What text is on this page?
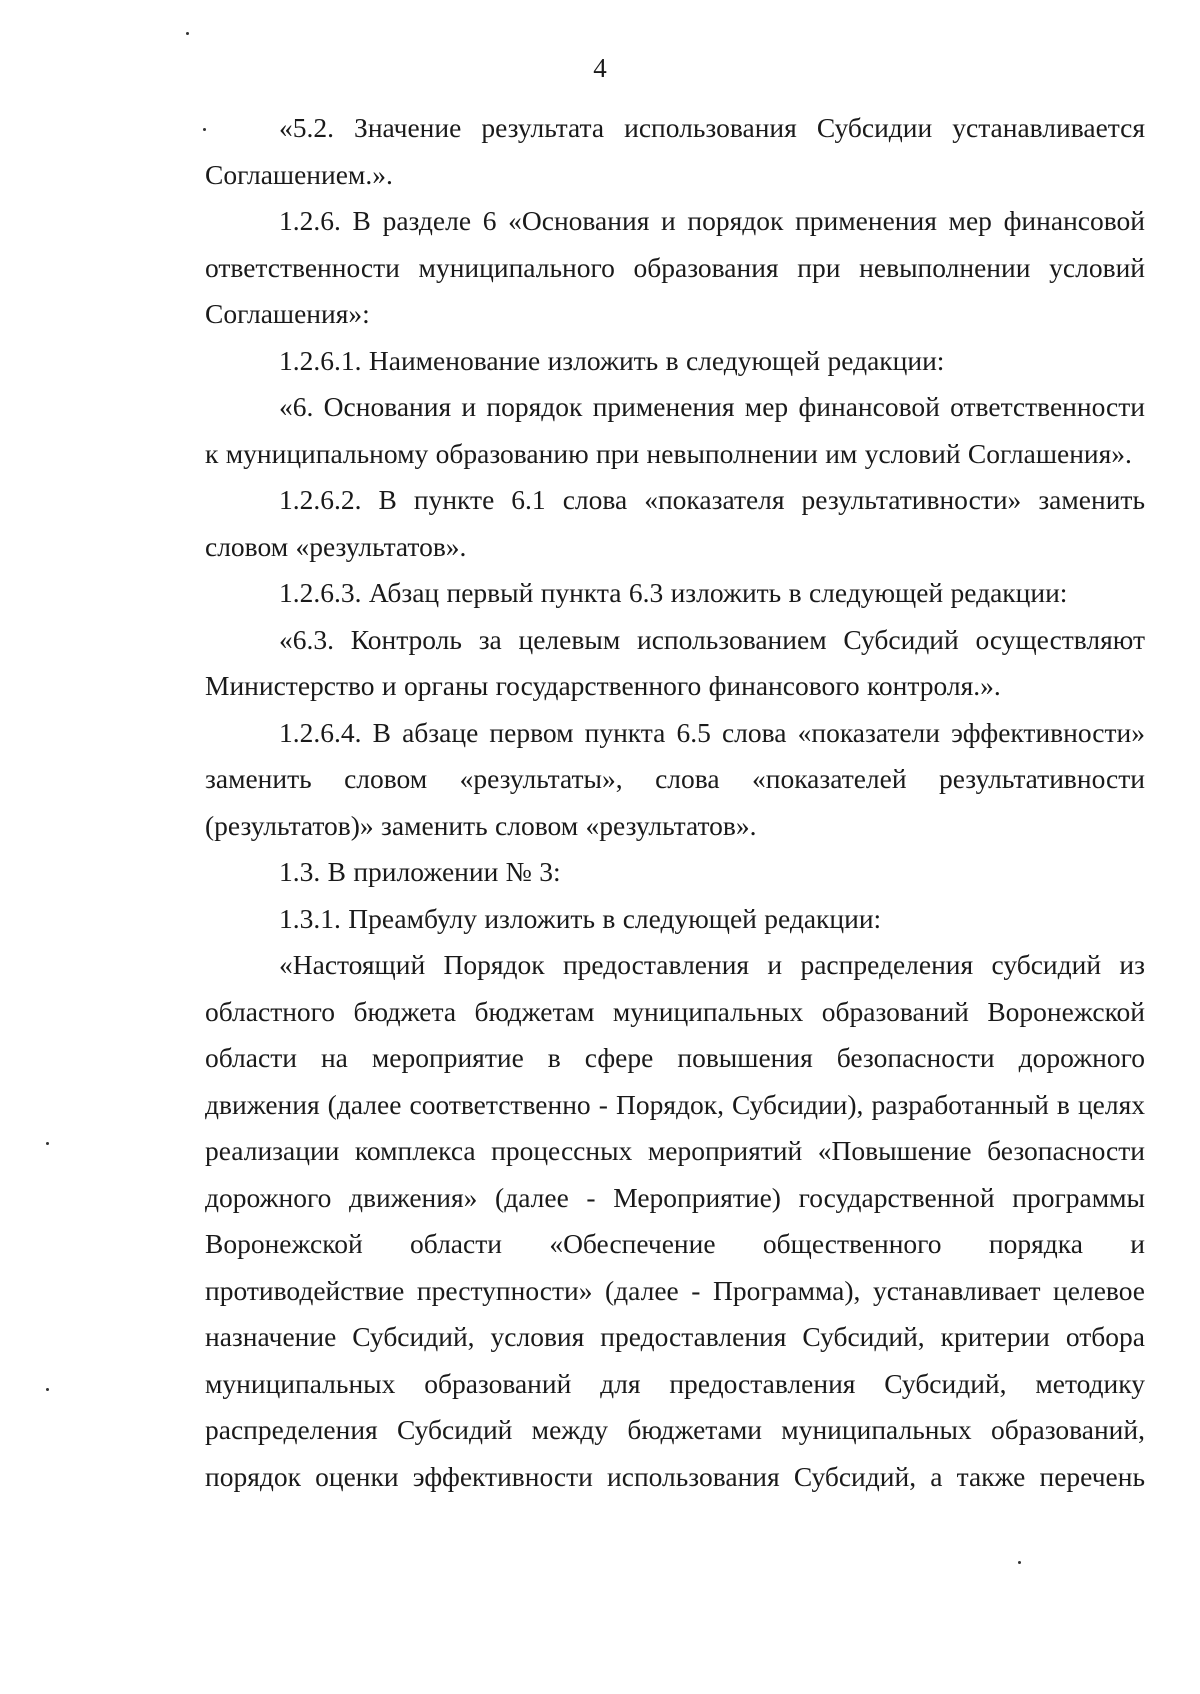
4

«5.2. Значение результата использования Субсидии устанавливается Соглашением.».

1.2.6. В разделе 6 «Основания и порядок применения мер финансовой ответственности муниципального образования при невыполнении условий Соглашения»:

1.2.6.1. Наименование изложить в следующей редакции:

«6. Основания и порядок применения мер финансовой ответственности к муниципальному образованию при невыполнении им условий Соглашения».

1.2.6.2. В пункте 6.1 слова «показателя результативности» заменить словом «результатов».

1.2.6.3. Абзац первый пункта 6.3 изложить в следующей редакции:

«6.3. Контроль за целевым использованием Субсидий осуществляют Министерство и органы государственного финансового контроля.».

1.2.6.4. В абзаце первом пункта 6.5 слова «показатели эффективности» заменить словом «результаты», слова «показателей результативности (результатов)» заменить словом «результатов».

1.3. В приложении № 3:

1.3.1. Преамбулу изложить в следующей редакции:

«Настоящий Порядок предоставления и распределения субсидий из областного бюджета бюджетам муниципальных образований Воронежской области на мероприятие в сфере повышения безопасности дорожного движения (далее соответственно - Порядок, Субсидии), разработанный в целях реализации комплекса процессных мероприятий «Повышение безопасности дорожного движения» (далее - Мероприятие) государственной программы Воронежской области «Обеспечение общественного порядка и противодействие преступности» (далее - Программа), устанавливает целевое назначение Субсидий, условия предоставления Субсидий, критерии отбора муниципальных образований для предоставления Субсидий, методику распределения Субсидий между бюджетами муниципальных образований, порядок оценки эффективности использования Субсидий, а также перечень
